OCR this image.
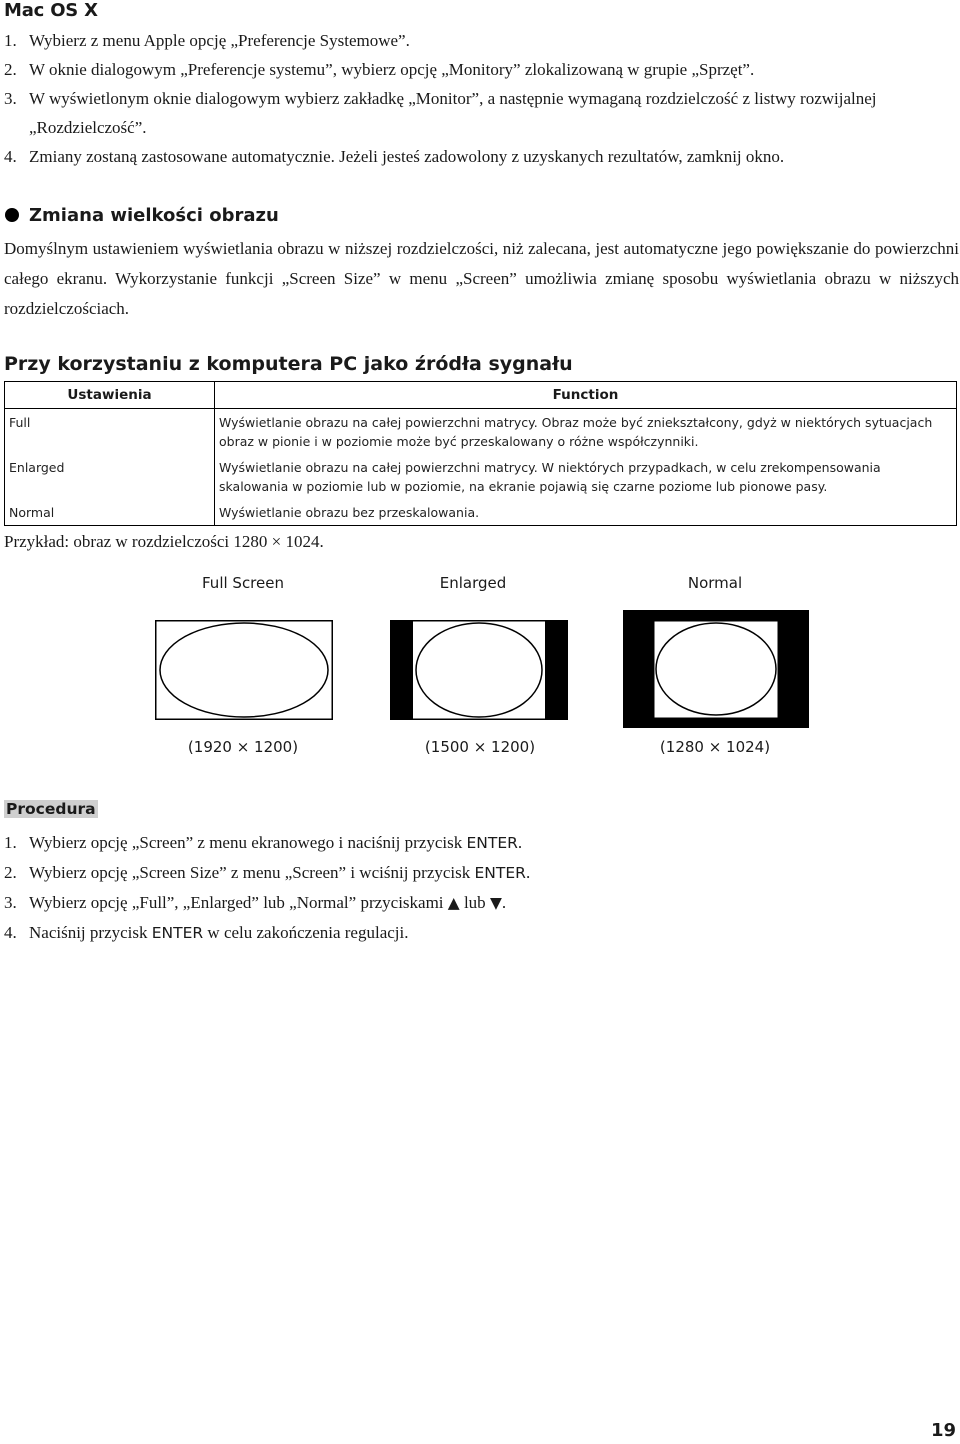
Mac OS X
1. Wybierz z menu Apple opcję „Preferencje Systemowe”.
2. W oknie dialogowym „Preferencje systemu”, wybierz opcję „Monitory” zlokalizowaną w grupie „Sprzęt”.
3. W wyświetlonym oknie dialogowym wybierz zakładkę „Monitor”, a następnie wymaganą rozdzielczość z listwy rozwijalnej „Rozdzielczość”.
4. Zmiany zostaną zastosowane automatycznie. Jeżeli jesteś zadowolony z uzyskanych rezultatów, zamknij okno.
Zmiana wielkości obrazu
Domyślnym ustawieniem wyświetlania obrazu w niższej rozdzielczości, niż zalecana, jest automatyczne jego powiększanie do powierzchni całego ekranu. Wykorzystanie funkcji „Screen Size” w menu „Screen” umożliwia zmianę sposobu wyświetlania obrazu w niższych rozdzielczościach.
Przy korzystaniu z komputera PC jako źródła sygnału
Ustawienia	Function
Full	Wyświetlanie obrazu na całej powierzchni matrycy. Obraz może być zniekształcony, gdyż w niektórych sytuacjach obraz w pionie i w poziomie może być przeskalowany o różne współczynniki.
Enlarged	Wyświetlanie obrazu na całej powierzchni matrycy. W niektórych przypadkach, w celu zrekompensowania skalowania w poziomie lub w poziomie, na ekranie pojawią się czarne poziome lub pionowe pasy.
Normal	Wyświetlanie obrazu bez przeskalowania.
Przykład: obraz w rozdzielczości 1280 × 1024.
Full Screen	Enlarged	Normal
(1920 × 1200)	(1500 × 1200)	(1280 × 1024)
Procedura
1. Wybierz opcję „Screen” z menu ekranowego i naciśnij przycisk ENTER.
2. Wybierz opcję „Screen Size” z menu „Screen” i wciśnij przycisk ENTER.
3. Wybierz opcję „Full”, „Enlarged” lub „Normal” przyciskami ▲ lub ▼.
4. Naciśnij przycisk ENTER w celu zakończenia regulacji.
19
